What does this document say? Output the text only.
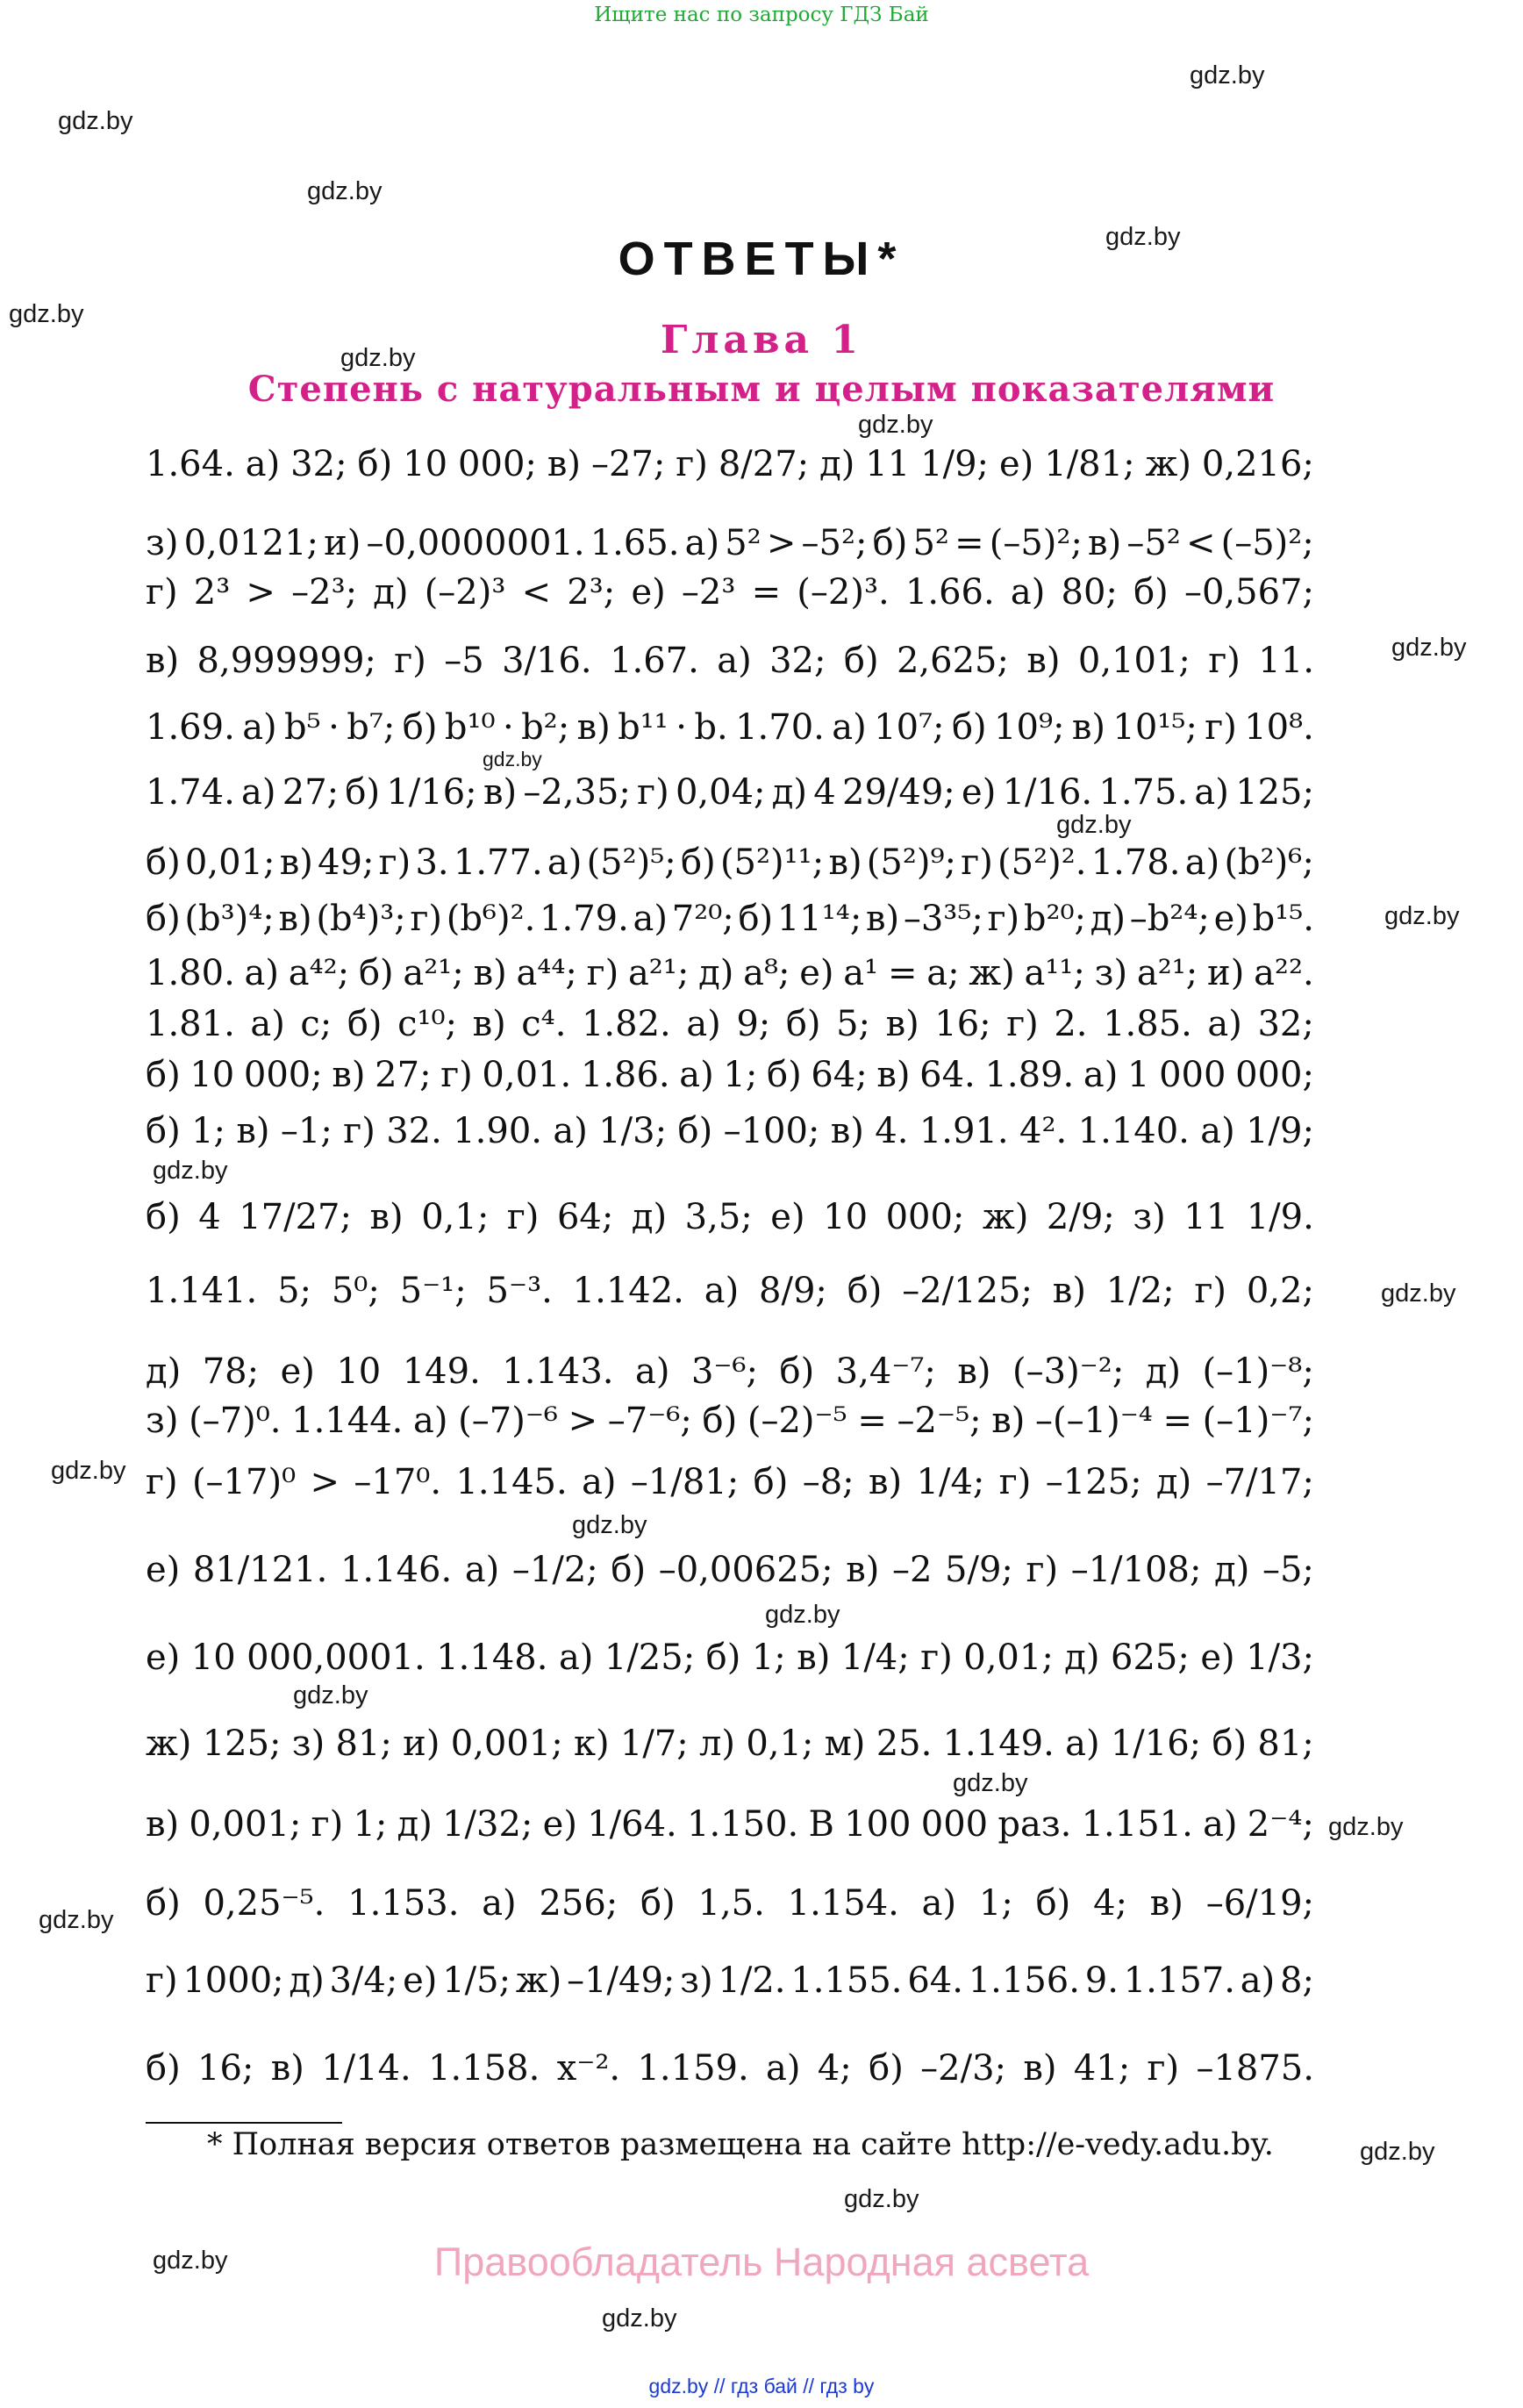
Ищите нас по запросу ГДЗ Бай
gdz.by
gdz.by
gdz.by
gdz.by
gdz.by
gdz.by
gdz.by
gdz.by
gdz.by
gdz.by
gdz.by
gdz.by
gdz.by
gdz.by
gdz.by
gdz.by
gdz.by
gdz.by
gdz.by
gdz.by
gdz.by
gdz.by
gdz.by
gdz.by
ОТВЕТЫ*
Глава 1
Степень с натуральным и целым показателями
1.64. а) 32; б) 10 000; в) –27; г) 8/27; д) 11 1/9; е) 1/81; ж) 0,216;
з) 0,0121; и) –0,0000001. 1.65. а) 5² > –5²; б) 5² = (–5)²; в) –5² < (–5)²;
г) 2³ > –2³; д) (–2)³ < 2³; е) –2³ = (–2)³. 1.66. а) 80; б) –0,567;
в) 8,999999; г) –5 3/16. 1.67. а) 32; б) 2,625; в) 0,101; г) 11.
1.69. а) b⁵ · b⁷; б) b¹⁰ · b²; в) b¹¹ · b. 1.70. а) 10⁷; б) 10⁹; в) 10¹⁵; г) 10⁸.
1.74. а) 27; б) 1/16; в) –2,35; г) 0,04; д) 4 29/49; е) 1/16. 1.75. а) 125;
б) 0,01; в) 49; г) 3. 1.77. а) (5²)⁵; б) (5²)¹¹; в) (5²)⁹; г) (5²)². 1.78. а) (b²)⁶;
б) (b³)⁴; в) (b⁴)³; г) (b⁶)². 1.79. а) 7²⁰; б) 11¹⁴; в) –3³⁵; г) b²⁰; д) –b²⁴; е) b¹⁵.
1.80. а) a⁴²; б) a²¹; в) a⁴⁴; г) a²¹; д) a⁸; е) a¹ = a; ж) a¹¹; з) a²¹; и) a²².
1.81. а) c; б) c¹⁰; в) c⁴. 1.82. а) 9; б) 5; в) 16; г) 2. 1.85. а) 32;
б) 10 000; в) 27; г) 0,01. 1.86. а) 1; б) 64; в) 64. 1.89. а) 1 000 000;
б) 1; в) –1; г) 32. 1.90. а) 1/3; б) –100; в) 4. 1.91. 4². 1.140. а) 1/9;
б) 4 17/27; в) 0,1; г) 64; д) 3,5; е) 10 000; ж) 2/9; з) 11 1/9.
1.141. 5; 5⁰; 5⁻¹; 5⁻³. 1.142. а) 8/9; б) –2/125; в) 1/2; г) 0,2;
д) 78; е) 10 149. 1.143. а) 3⁻⁶; б) 3,4⁻⁷; в) (–3)⁻²; д) (–1)⁻⁸;
з) (–7)⁰. 1.144. а) (–7)⁻⁶ > –7⁻⁶; б) (–2)⁻⁵ = –2⁻⁵; в) –(–1)⁻⁴ = (–1)⁻⁷;
г) (–17)⁰ > –17⁰. 1.145. а) –1/81; б) –8; в) 1/4; г) –125; д) –7/17;
е) 81/121. 1.146. а) –1/2; б) –0,00625; в) –2 5/9; г) –1/108; д) –5;
е) 10 000,0001. 1.148. а) 1/25; б) 1; в) 1/4; г) 0,01; д) 625; е) 1/3;
ж) 125; з) 81; и) 0,001; к) 1/7; л) 0,1; м) 25. 1.149. а) 1/16; б) 81;
в) 0,001; г) 1; д) 1/32; е) 1/64. 1.150. В 100 000 раз. 1.151. а) 2⁻⁴;
б) 0,25⁻⁵. 1.153. а) 256; б) 1,5. 1.154. а) 1; б) 4; в) –6/19;
г) 1000; д) 3/4; е) 1/5; ж) –1/49; з) 1/2. 1.155. 64. 1.156. 9. 1.157. а) 8;
б) 16; в) 1/14. 1.158. x⁻². 1.159. а) 4; б) –2/3; в) 41; г) –1875.
* Полная версия ответов размещена на сайте http://e-vedy.adu.by.
Правообладатель Народная асвета
gdz.by // гдз бай // гдз by
